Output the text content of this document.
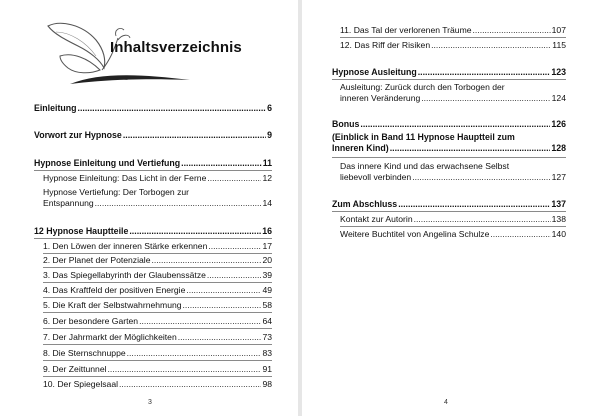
Inhaltsverzeichnis
Einleitung .....	6
Vorwort zur Hypnose .....	9
Hypnose Einleitung und Vertiefung .....	11
Hypnose Einleitung: Das Licht in der Ferne .....	12
Hypnose Vertiefung: Der Torbogen zur
Entspannung .....	14
12 Hypnose Hauptteile .....	16
1. Den Löwen der inneren Stärke erkennen .....	17
2. Der Planet der Potenziale .....	20
3. Das Spiegellabyrinth der Glaubenssätze .....	39
4. Das Kraftfeld der positiven Energie .....	49
5. Die Kraft der Selbstwahrnehmung .....	58
6. Der besondere Garten .....	64
7. Der Jahrmarkt der Möglichkeiten .....	73
8. Die Sternschnuppe .....	83
9. Der Zeittunnel .....	91
10. Der Spiegelsaal .....	98
3
11. Das Tal der verlorenen Träume .....	107
12. Das Riff der Risiken .....	115
Hypnose Ausleitung .....	123
Ausleitung: Zurück durch den Torbogen der
inneren Veränderung .....	124
Bonus .....	126
(Einblick in Band 11 Hypnose Hauptteil zum
Inneren Kind) .....	128
Das innere Kind und das erwachsene Selbst
liebevoll verbinden .....	127
Zum Abschluss .....	137
Kontakt zur Autorin .....	138
Weitere Buchtitel von Angelina Schulze .....	140
4
